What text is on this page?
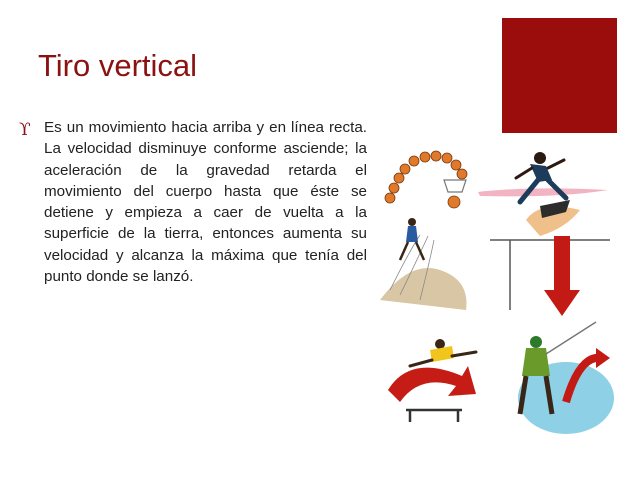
Tiro vertical
ϒ Es un movimiento hacia arriba y en línea recta. La velocidad disminuye conforme asciende; la aceleración de la gravedad retarda el movimiento del cuerpo hasta que éste se detiene y empieza a caer de vuelta a la superficie de la tierra, entonces aumenta su velocidad y alcanza la máxima que tenía del punto donde se lanzó.
